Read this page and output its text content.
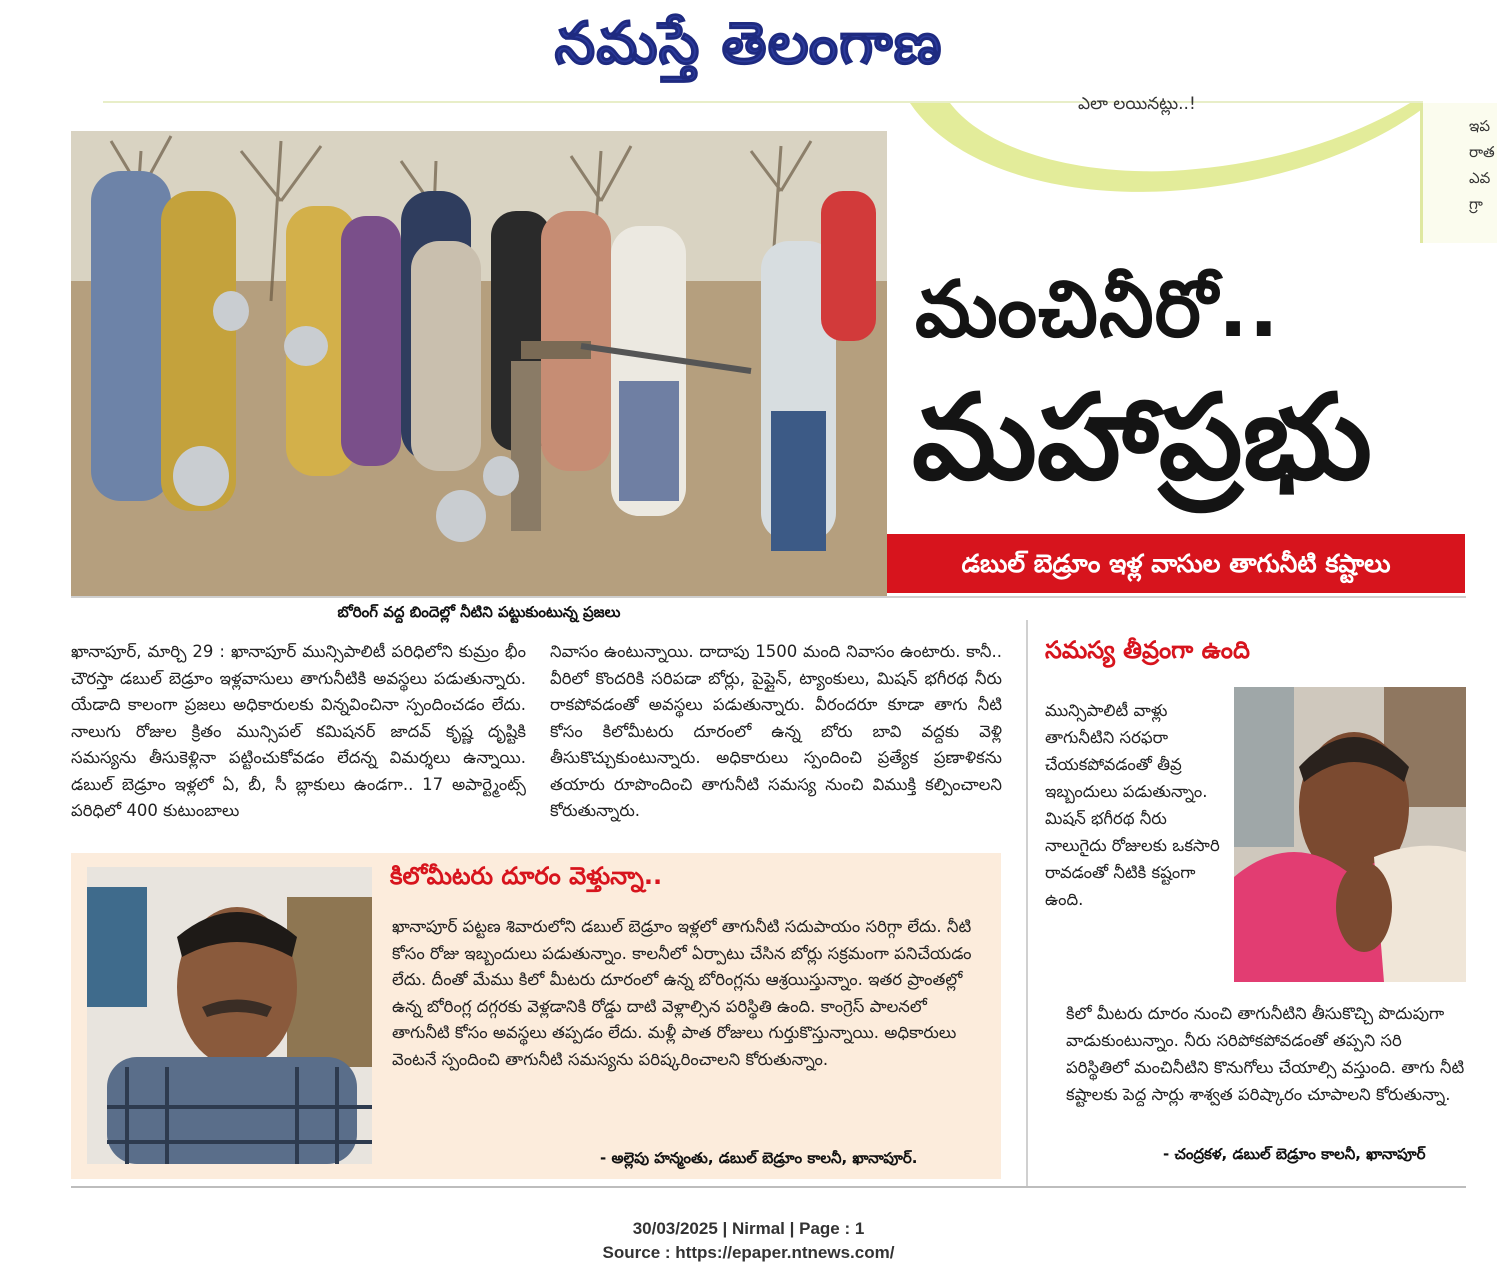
నమస్తే తెలంగాణ
ఎలా లయినట్లు..!
ఇప
రాత
ఎవ
గ్రా
బోరింగ్ వద్ద బిందెల్లో నీటిని పట్టుకుంటున్న ప్రజలు
మంచినీరో..
మహాప్రభు
డబుల్ బెడ్రూం ఇళ్ల వాసుల తాగునీటి కష్టాలు
ఖానాపూర్, మార్చి 29 : ఖానాపూర్ మున్సిపాలిటీ పరిధిలోని కుమ్రం భీం చౌరస్తా డబుల్ బెడ్రూం ఇళ్లవాసులు తాగునీటికి అవస్థలు పడుతున్నారు. యేడాది కాలంగా ప్రజలు అధికారులకు విన్నవించినా స్పందించడం లేదు. నాలుగు రోజుల క్రితం మున్సిపల్ కమిషనర్ జాదవ్ కృష్ణ దృష్టికి సమస్యను తీసుకెళ్లినా పట్టించుకోవడం లేదన్న విమర్శలు ఉన్నాయి. డబుల్ బెడ్రూం ఇళ్లలో ఏ, బీ, సీ బ్లాకులు ఉండగా.. 17 అపార్ట్మెంట్స్ పరిధిలో 400 కుటుంబాలు
నివాసం ఉంటున్నాయి. దాదాపు 1500 మంది నివాసం ఉంటారు. కానీ.. వీరిలో కొందరికి సరిపడా బోర్లు, పైప్లైన్, ట్యాంకులు, మిషన్ భగీరథ నీరు రాకపోవడంతో అవస్థలు పడుతున్నారు. వీరందరూ కూడా తాగు నీటి కోసం కిలోమీటరు దూరంలో ఉన్న బోరు బావి వద్దకు వెళ్లి తీసుకొచ్చుకుంటున్నారు. అధికారులు స్పందించి ప్రత్యేక ప్రణాళికను తయారు రూపొందించి తాగునీటి సమస్య నుంచి విముక్తి కల్పించాలని కోరుతున్నారు.
కిలోమీటరు దూరం వెళ్తున్నా..

ఖానాపూర్ పట్టణ శివారులోని డబుల్ బెడ్రూం ఇళ్లలో తాగునీటి సదుపాయం సరిగ్గా లేదు. నీటి కోసం రోజు ఇబ్బందులు పడుతున్నాం. కాలనీలో ఏర్పాటు చేసిన బోర్లు సక్రమంగా పనిచేయడం లేదు. దీంతో మేము కిలో మీటరు దూరంలో ఉన్న బోరింగ్లను ఆశ్రయిస్తున్నాం. ఇతర ప్రాంతల్లో ఉన్న బోరింగ్ల దగ్గరకు వెళ్లడానికి రోడ్డు దాటి వెళ్లాల్సిన పరిస్థితి ఉంది. కాంగ్రెస్ పాలనలో తాగునీటి కోసం అవస్థలు తప్పడం లేదు. మళ్లీ పాత రోజులు గుర్తుకొస్తున్నాయి. అధికారులు వెంటనే స్పందించి తాగునీటి సమస్యను పరిష్కరించాలని కోరుతున్నాం.

- అల్లెపు హన్మంతు, డబుల్ బెడ్రూం కాలనీ, ఖానాపూర్.
సమస్య తీవ్రంగా ఉంది
మున్సిపాలిటీ వాళ్లు తాగునీటిని సరఫరా చేయకపోవడంతో తీవ్ర ఇబ్బందులు పడుతున్నాం. మిషన్ భగీరథ నీరు నాలుగైదు రోజులకు ఒకసారి రావడంతో నీటికి కష్టంగా ఉంది.
కిలో మీటరు దూరం నుంచి తాగునీటిని తీసుకొచ్చి పొదుపుగా వాడుకుంటున్నాం. నీరు సరిపోకపోవడంతో తప్పని సరి పరిస్థితిలో మంచినీటిని కొనుగోలు చేయాల్సి వస్తుంది. తాగు నీటి కష్టాలకు పెద్ద సార్లు శాశ్వత పరిష్కారం చూపాలని కోరుతున్నా.
- చంద్రకళ, డబుల్ బెడ్రూం కాలనీ, ఖానాపూర్
30/03/2025 | Nirmal | Page : 1
Source : https://epaper.ntnews.com/
